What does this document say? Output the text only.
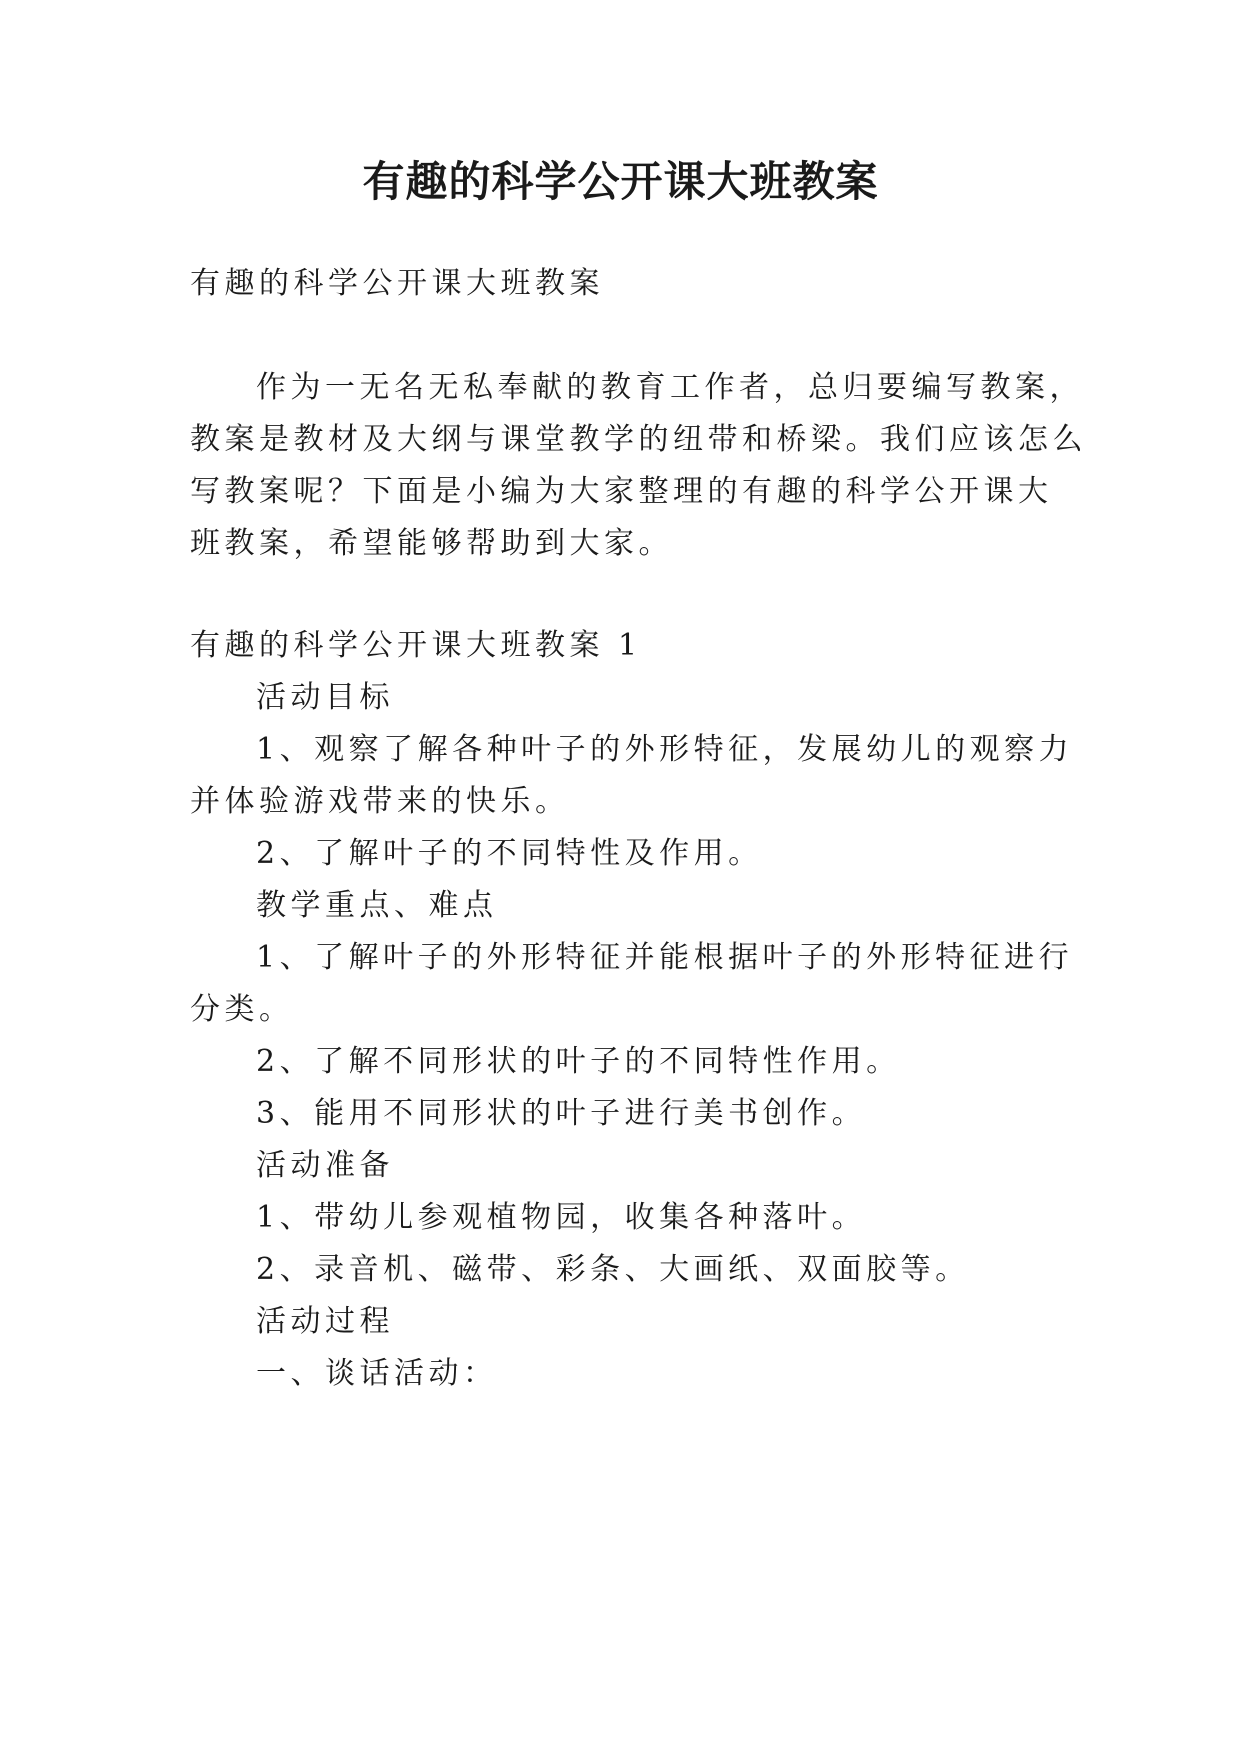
有趣的科学公开课大班教案
有趣的科学公开课大班教案
作为一无名无私奉献的教育工作者，总归要编写教案，
教案是教材及大纲与课堂教学的纽带和桥梁。我们应该怎么
写教案呢？下面是小编为大家整理的有趣的科学公开课大
班教案，希望能够帮助到大家。
有趣的科学公开课大班教案 1
活动目标
1、观察了解各种叶子的外形特征，发展幼儿的观察力
并体验游戏带来的快乐。
2、了解叶子的不同特性及作用。
教学重点、难点
1、了解叶子的外形特征并能根据叶子的外形特征进行
分类。
2、了解不同形状的叶子的不同特性作用。
3、能用不同形状的叶子进行美书创作。
活动准备
1、带幼儿参观植物园，收集各种落叶。
2、录音机、磁带、彩条、大画纸、双面胶等。
活动过程
一、谈话活动：
